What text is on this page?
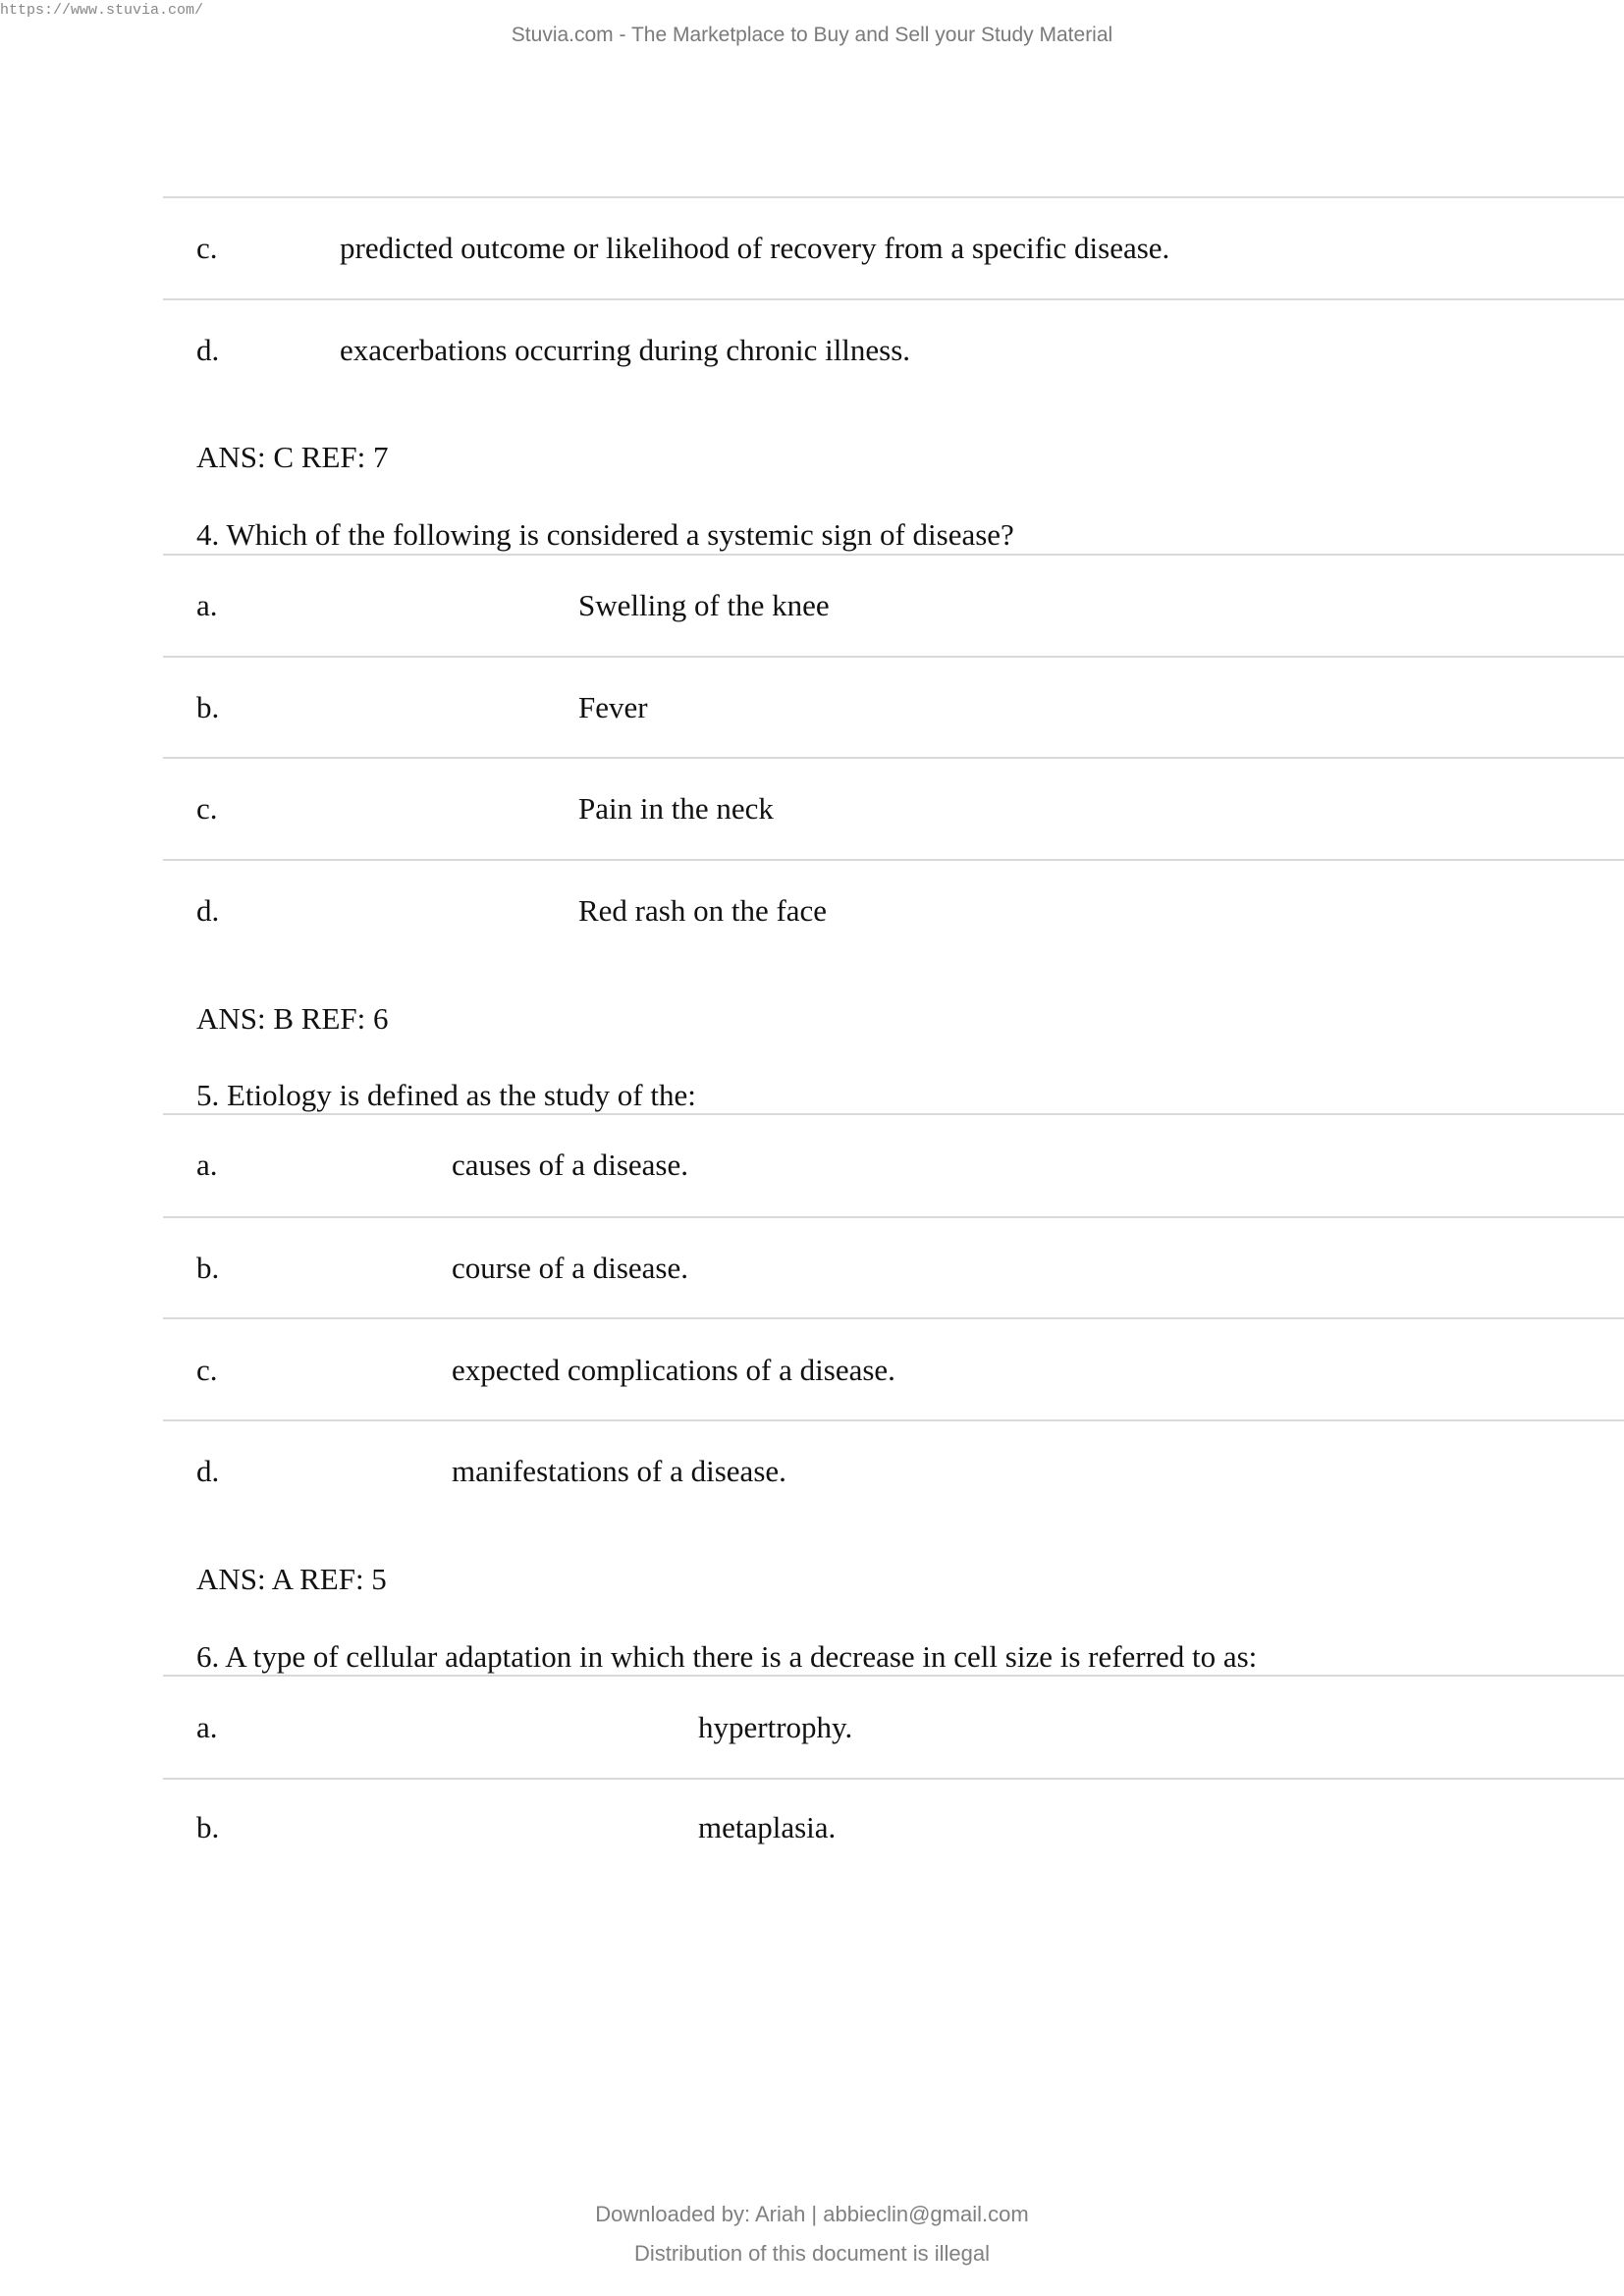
https://www.stuvia.com/
Stuvia.com - The Marketplace to Buy and Sell your Study Material
c.	predicted outcome or likelihood of recovery from a specific disease.
d.	exacerbations occurring during chronic illness.
ANS: C REF: 7
4. Which of the following is considered a systemic sign of disease?
a.	Swelling of the knee
b.	Fever
c.	Pain in the neck
d.	Red rash on the face
ANS: B REF: 6
5. Etiology is defined as the study of the:
a.	causes of a disease.
b.	course of a disease.
c.	expected complications of a disease.
d.	manifestations of a disease.
ANS: A REF: 5
6. A type of cellular adaptation in which there is a decrease in cell size is referred to as:
a.	hypertrophy.
b.	metaplasia.
Downloaded by: Ariah | abbieclin@gmail.com
Distribution of this document is illegal
